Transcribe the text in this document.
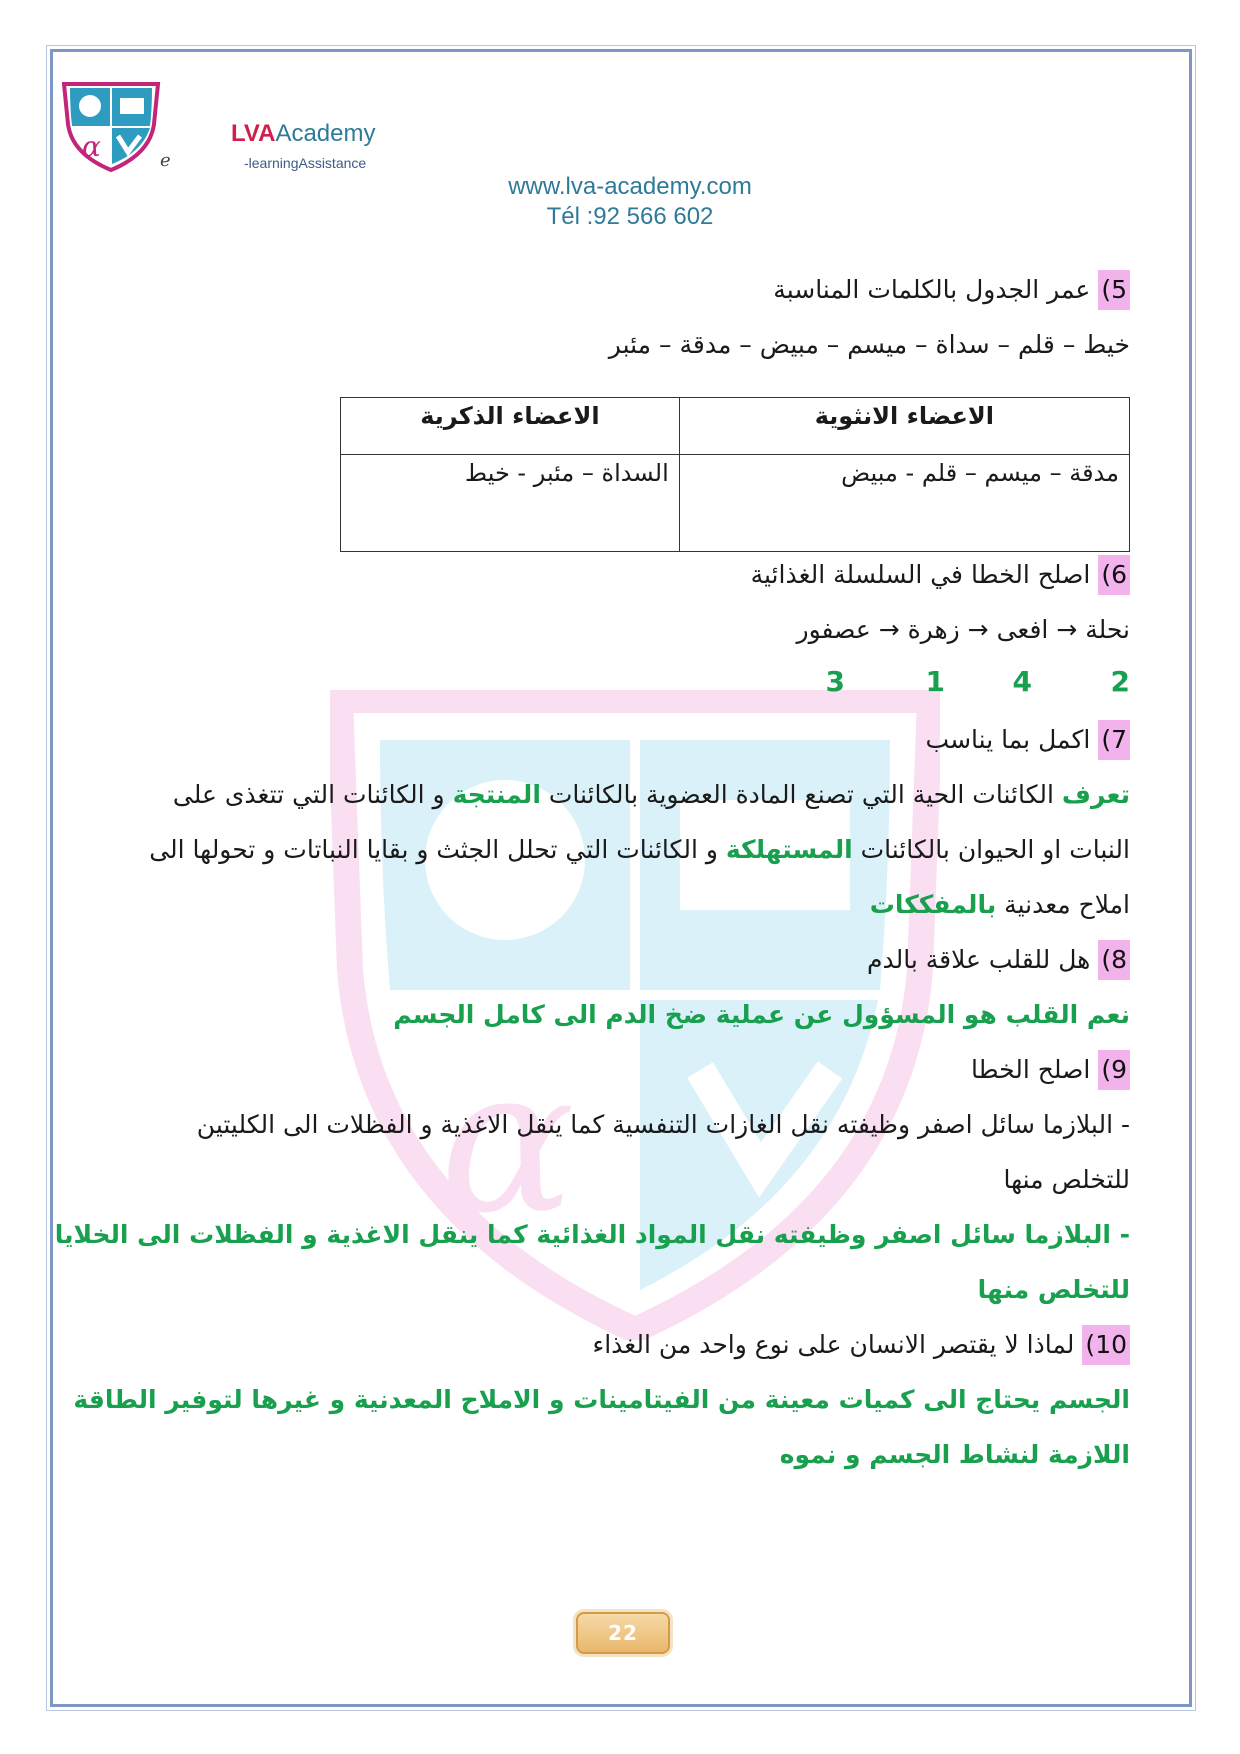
α	e
LVAAcademy
-learningAssistance
www.lva-academy.com
Tél :92 566 602
α
5)عمر الجدول بالكلمات المناسبة
خيط – قلم – سداة – ميسم – مبيض – مدقة – مئبر
الاعضاء الانثوية	الاعضاء الذكرية
مدقة – ميسم – قلم - مبيض	السداة – مئبر - خيط
6)اصلح الخطا في السلسلة الغذائية
نحلة → افعى → زهرة → عصفور
2
4
1
3
7)اكمل بما يناسب
تعرف الكائنات الحية التي تصنع المادة العضوية بالكائنات المنتجة و الكائنات التي تتغذى على
النبات او الحيوان بالكائنات المستهلكة و الكائنات التي تحلل الجثث و بقايا النباتات و تحولها الى
املاح معدنية بالمفككات
8)هل للقلب علاقة بالدم
نعم القلب هو المسؤول عن عملية ضخ الدم الى كامل الجسم
9)اصلح الخطا
- البلازما سائل اصفر وظيفته نقل الغازات التنفسية كما ينقل الاغذية و الفظلات الى الكليتين
للتخلص منها
- البلازما سائل اصفر وظيفته نقل المواد الغذائية كما ينقل الاغذية و الفظلات الى الخلايا
للتخلص منها
10)لماذا لا يقتصر الانسان على نوع واحد من الغذاء
الجسم يحتاج الى كميات معينة من الفيتامينات و الاملاح المعدنية و غيرها لتوفير الطاقة
اللازمة لنشاط الجسم و نموه
22
